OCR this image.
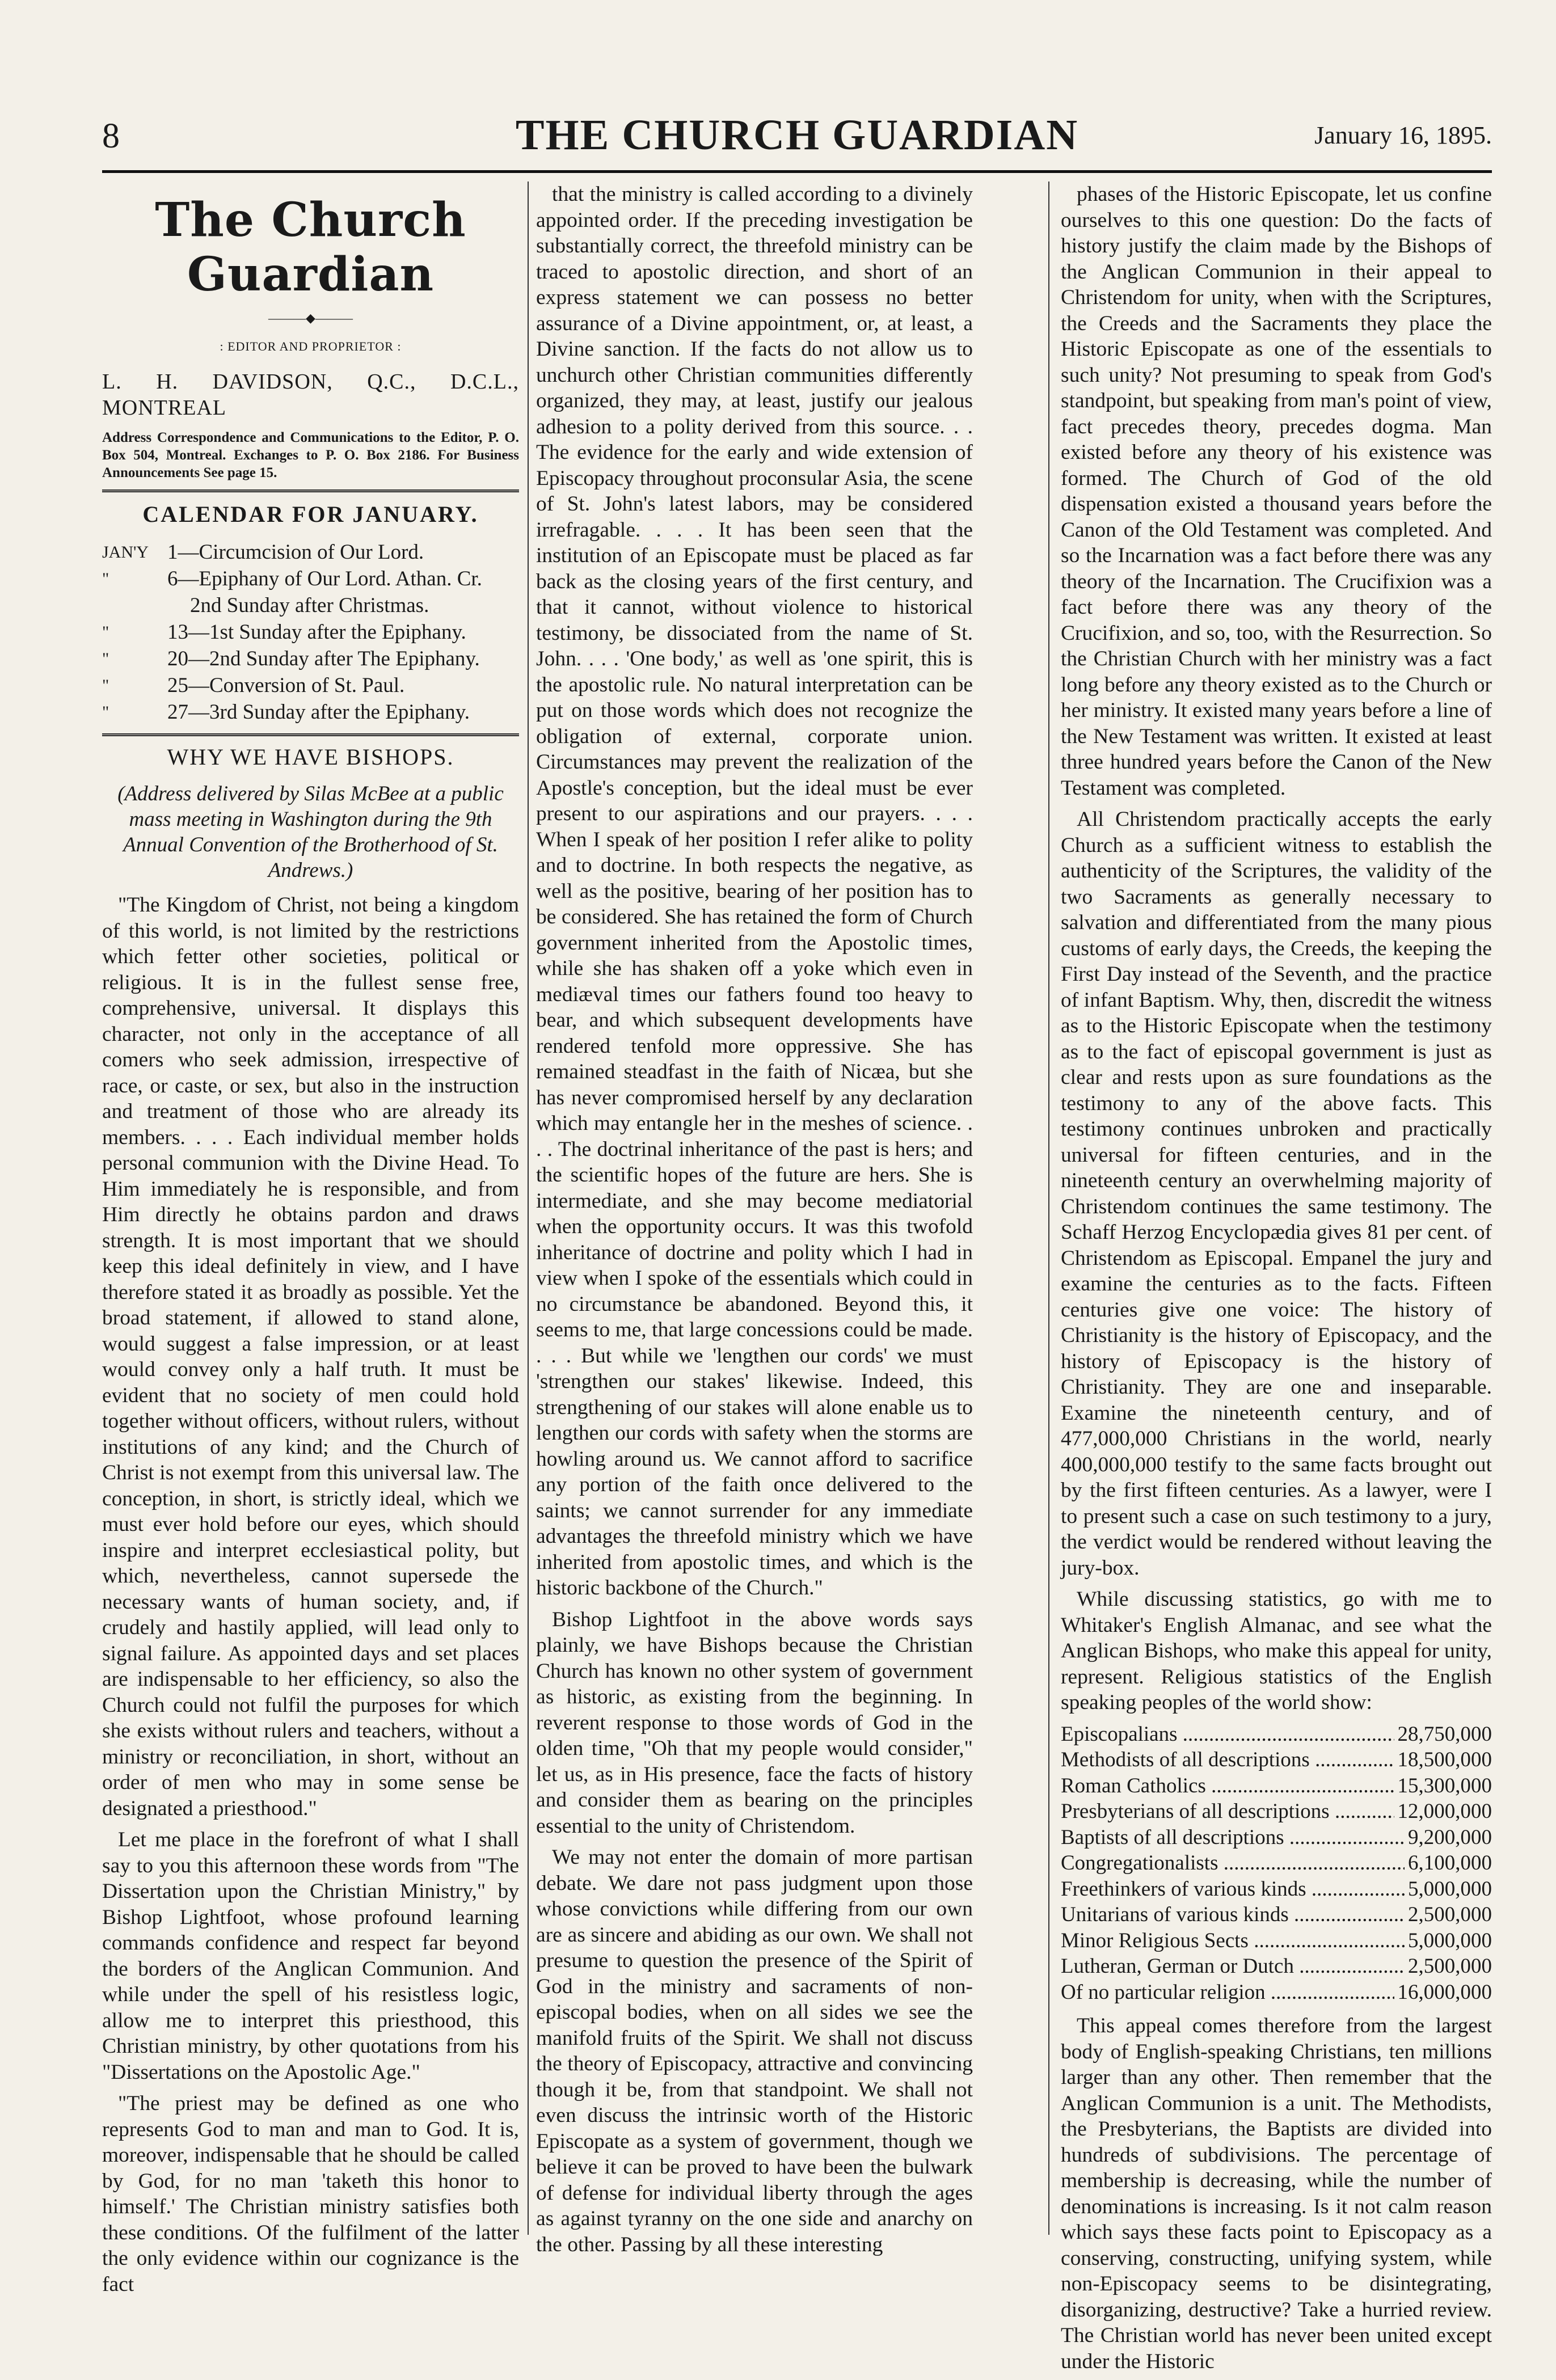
8	THE CHURCH GUARDIAN	January 16, 1895.
The Church Guardian
———◆———
: EDITOR AND PROPRIETOR :
L. H. DAVIDSON, Q.C., D.C.L., MONTREAL
Address Correspondence and Communications to the Editor, P. O. Box 504, Montreal. Exchanges to P. O. Box 2186. For Business Announcements See page 15.
CALENDAR FOR JANUARY.
JAN'Y 1—Circumcision of Our Lord.
"	6—Epiphany of Our Lord. Athan. Cr.
2nd Sunday after Christmas.
"	13—1st Sunday after the Epiphany.
"	20—2nd Sunday after The Epiphany.
"	25—Conversion of St. Paul.
"	27—3rd Sunday after the Epiphany.
WHY WE HAVE BISHOPS.
(Address delivered by Silas McBee at a public mass meeting in Washington during the 9th Annual Convention of the Brotherhood of St. Andrews.)

"The Kingdom of Christ, not being a kingdom of this world, is not limited by the restrictions which fetter other societies, political or religious. It is in the fullest sense free, comprehensive, universal. It displays this character, not only in the acceptance of all comers who seek admission, irrespective of race, or caste, or sex, but also in the instruction and treatment of those who are already its members. . . . Each individual member holds personal communion with the Divine Head. To Him immediately he is responsible, and from Him directly he obtains pardon and draws strength. It is most important that we should keep this ideal definitely in view, and I have therefore stated it as broadly as possible. Yet the broad statement, if allowed to stand alone, would suggest a false impression, or at least would convey only a half truth. It must be evident that no society of men could hold together without officers, without rulers, without institutions of any kind; and the Church of Christ is not exempt from this universal law. The conception, in short, is strictly ideal, which we must ever hold before our eyes, which should inspire and interpret ecclesiastical polity, but which, nevertheless, cannot supersede the necessary wants of human society, and, if crudely and hastily applied, will lead only to signal failure. As appointed days and set places are indispensable to her efficiency, so also the Church could not fulfil the purposes for which she exists without rulers and teachers, without a ministry or reconciliation, in short, without an order of men who may in some sense be designated a priesthood."

Let me place in the forefront of what I shall say to you this afternoon these words from "The Dissertation upon the Christian Ministry," by Bishop Lightfoot, whose profound learning commands confidence and respect far beyond the borders of the Anglican Communion. And while under the spell of his resistless logic, allow me to interpret this priesthood, this Christian ministry, by other quotations from his "Dissertations on the Apostolic Age."

"The priest may be defined as one who represents God to man and man to God. It is, moreover, indispensable that he should be called by God, for no man 'taketh this honor to himself.' The Christian ministry satisfies both these conditions. Of the fulfilment of the latter the only evidence within our cognizance is the fact

that the ministry is called according to a divinely appointed order. If the preceding investigation be substantially correct, the threefold ministry can be traced to apostolic direction, and short of an express statement we can possess no better assurance of a Divine appointment, or, at least, a Divine sanction. If the facts do not allow us to unchurch other Christian communities differently organized, they may, at least, justify our jealous adhesion to a polity derived from this source. . . The evidence for the early and wide extension of Episcopacy throughout proconsular Asia, the scene of St. John's latest labors, may be considered irrefragable. . . . It has been seen that the institution of an Episcopate must be placed as far back as the closing years of the first century, and that it cannot, without violence to historical testimony, be dissociated from the name of St. John. . . . 'One body,' as well as 'one spirit, this is the apostolic rule. No natural interpretation can be put on those words which does not recognize the obligation of external, corporate union. Circumstances may prevent the realization of the Apostle's conception, but the ideal must be ever present to our aspirations and our prayers. . . . When I speak of her position I refer alike to polity and to doctrine. In both respects the negative, as well as the positive, bearing of her position has to be considered. She has retained the form of Church government inherited from the Apostolic times, while she has shaken off a yoke which even in mediæval times our fathers found too heavy to bear, and which subsequent developments have rendered tenfold more oppressive. She has remained steadfast in the faith of Nicæa, but she has never compromised herself by any declaration which may entangle her in the meshes of science. . . . The doctrinal inheritance of the past is hers; and the scientific hopes of the future are hers. She is intermediate, and she may become mediatorial when the opportunity occurs. It was this twofold inheritance of doctrine and polity which I had in view when I spoke of the essentials which could in no circumstance be abandoned. Beyond this, it seems to me, that large concessions could be made. . . . But while we 'lengthen our cords' we must 'strengthen our stakes' likewise. Indeed, this strengthening of our stakes will alone enable us to lengthen our cords with safety when the storms are howling around us. We cannot afford to sacrifice any portion of the faith once delivered to the saints; we cannot surrender for any immediate advantages the threefold ministry which we have inherited from apostolic times, and which is the historic backbone of the Church."

Bishop Lightfoot in the above words says plainly, we have Bishops because the Christian Church has known no other system of government as historic, as existing from the beginning. In reverent response to those words of God in the olden time, "Oh that my people would consider," let us, as in His presence, face the facts of history and consider them as bearing on the principles essential to the unity of Christendom.

We may not enter the domain of more partisan debate. We dare not pass judgment upon those whose convictions while differing from our own are as sincere and abiding as our own. We shall not presume to question the presence of the Spirit of God in the ministry and sacraments of non-episcopal bodies, when on all sides we see the manifold fruits of the Spirit. We shall not discuss the theory of Episcopacy, attractive and convincing though it be, from that standpoint. We shall not even discuss the intrinsic worth of the Historic Episcopate as a system of government, though we believe it can be proved to have been the bulwark of defense for individual liberty through the ages as against tyranny on the one side and anarchy on the other. Passing by all these interesting

phases of the Historic Episcopate, let us confine ourselves to this one question: Do the facts of history justify the claim made by the Bishops of the Anglican Communion in their appeal to Christendom for unity, when with the Scriptures, the Creeds and the Sacraments they place the Historic Episcopate as one of the essentials to such unity? Not presuming to speak from God's standpoint, but speaking from man's point of view, fact precedes theory, precedes dogma. Man existed before any theory of his existence was formed. The Church of God of the old dispensation existed a thousand years before the Canon of the Old Testament was completed. And so the Incarnation was a fact before there was any theory of the Incarnation. The Crucifixion was a fact before there was any theory of the Crucifixion, and so, too, with the Resurrection. So the Christian Church with her ministry was a fact long before any theory existed as to the Church or her ministry. It existed many years before a line of the New Testament was written. It existed at least three hundred years before the Canon of the New Testament was completed.

All Christendom practically accepts the early Church as a sufficient witness to establish the authenticity of the Scriptures, the validity of the two Sacraments as generally necessary to salvation and differentiated from the many pious customs of early days, the Creeds, the keeping the First Day instead of the Seventh, and the practice of infant Baptism. Why, then, discredit the witness as to the Historic Episcopate when the testimony as to the fact of episcopal government is just as clear and rests upon as sure foundations as the testimony to any of the above facts. This testimony continues unbroken and practically universal for fifteen centuries, and in the nineteenth century an overwhelming majority of Christendom continues the same testimony. The Schaff Herzog Encyclopædia gives 81 per cent. of Christendom as Episcopal. Empanel the jury and examine the centuries as to the facts. Fifteen centuries give one voice: The history of Christianity is the history of Episcopacy, and the history of Episcopacy is the history of Christianity. They are one and inseparable. Examine the nineteenth century, and of 477,000,000 Christians in the world, nearly 400,000,000 testify to the same facts brought out by the first fifteen centuries. As a lawyer, were I to present such a case on such testimony to a jury, the verdict would be rendered without leaving the jury-box.

While discussing statistics, go with me to Whitaker's English Almanac, and see what the Anglican Bishops, who make this appeal for unity, represent. Religious statistics of the English speaking peoples of the world show:

Episcopalians .....	28,750,000
Methodists of all descriptions .....	18,500,000
Roman Catholics .....	15,300,000
Presbyterians of all descriptions .....	12,000,000
Baptists of all descriptions .....	9,200,000
Congregationalists .....	6,100,000
Freethinkers of various kinds .....	5,000,000
Unitarians of various kinds .....	2,500,000
Minor Religious Sects .....	5,000,000
Lutheran, German or Dutch .....	2,500,000
Of no particular religion .....	16,000,000

This appeal comes therefore from the largest body of English-speaking Christians, ten millions larger than any other. Then remember that the Anglican Communion is a unit. The Methodists, the Presbyterians, the Baptists are divided into hundreds of subdivisions. The percentage of membership is decreasing, while the number of denominations is increasing. Is it not calm reason which says these facts point to Episcopacy as a conserving, constructing, unifying system, while non-Episcopacy seems to be disintegrating, disorganizing, destructive? Take a hurried review. The Christian world has never been united except under the Historic
